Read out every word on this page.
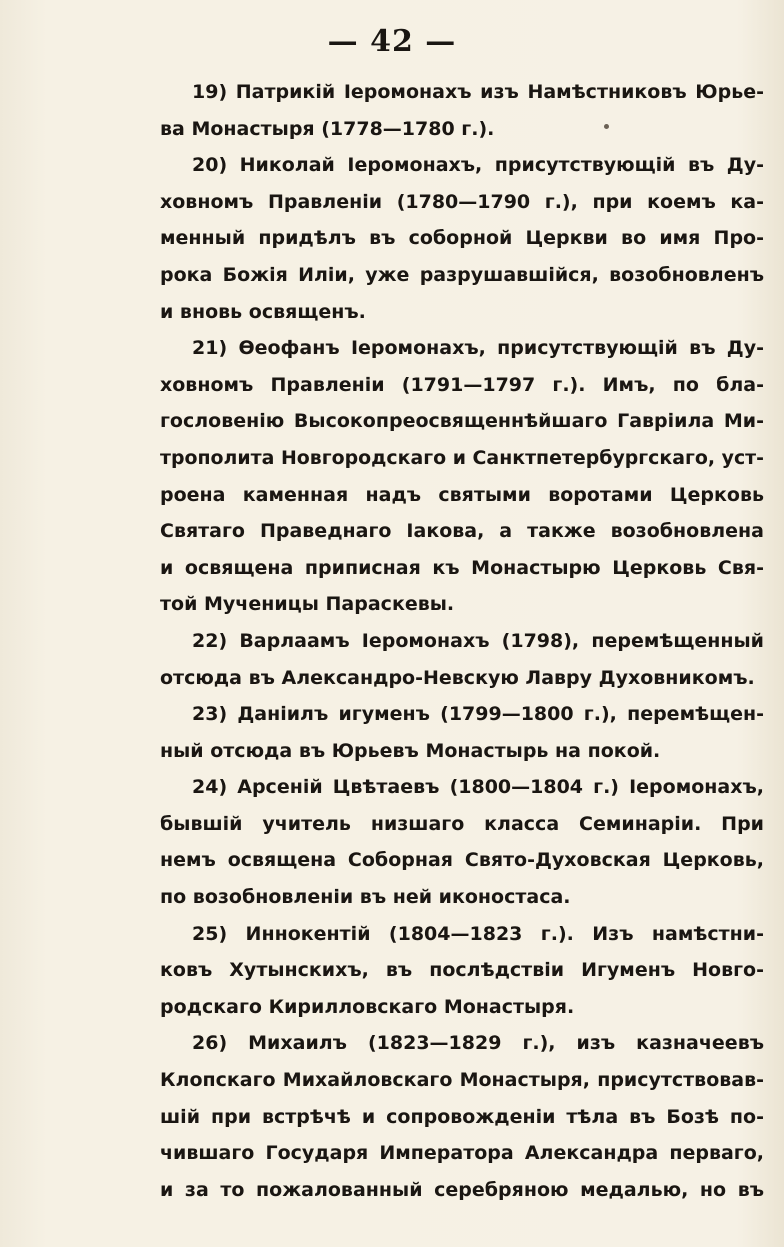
— 42 —
19) Патрикій Іеромонахъ изъ Намѣстниковъ Юрье-
ва Монастыря (1778—1780 г.).
20) Николай Іеромонахъ, присутствующій въ Ду-
ховномъ Правленіи (1780—1790 г.), при коемъ ка-
менный придѣлъ въ соборной Церкви во имя Про-
рока Божія Иліи, уже разрушавшійся, возобновленъ
и вновь освященъ.
21) Ѳеофанъ Іеромонахъ, присутствующій въ Ду-
ховномъ Правленіи (1791—1797 г.). Имъ, по бла-
гословенію Высокопреосвященнѣйшаго Гавріила Ми-
трополита Новгородскаго и Санктпетербургскаго, уст-
роена каменная надъ святыми воротами Церковь
Святаго Праведнаго Іакова, а также возобновлена
и освящена приписная къ Монастырю Церковь Свя-
той Мученицы Параскевы.
22) Варлаамъ Іеромонахъ (1798), перемѣщенный
отсюда въ Александро-Невскую Лавру Духовникомъ.
23) Даніилъ игуменъ (1799—1800 г.), перемѣщен-
ный отсюда въ Юрьевъ Монастырь на покой.
24) Арсеній Цвѣтаевъ (1800—1804 г.) Іеромонахъ,
бывшій учитель низшаго класса Семинаріи. При
немъ освящена Соборная Свято-Духовская Церковь,
по возобновленіи въ ней иконостаса.
25) Иннокентій (1804—1823 г.). Изъ намѣстни-
ковъ Хутынскихъ, въ послѣдствіи Игуменъ Новго-
родскаго Кирилловскаго Монастыря.
26) Михаилъ (1823—1829 г.), изъ казначеевъ
Клопскаго Михайловскаго Монастыря, присутствовав-
шій при встрѣчѣ и сопровожденіи тѣла въ Бозѣ по-
чившаго Государя Императора Александра перваго,
и за то пожалованный серебряною медалью, но въ
